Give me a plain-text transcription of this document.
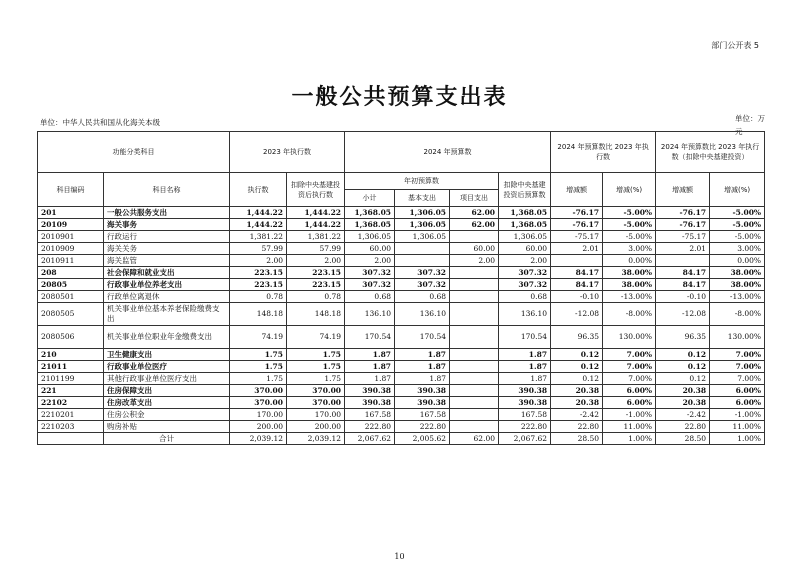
部门公开表 5
一般公共预算支出表
单位：中华人民共和国从化海关本级	单位：万元
功能分类科目		2023 年执行数		2024 年预算数				2024 年预算数比 2023 年执行数		2024 年预算数比 2023 年执行数（扣除中央基建投资）	
科目编码	科目名称	执行数	扣除中央基建投资后执行数	年初预算数			扣除中央基建投资后预算数	增减额	增减(%)	增减额	增减(%)
				小计	基本支出	项目支出					
201	一般公共服务支出	1,444.22	1,444.22	1,368.05	1,306.05	62.00	1,368.05	-76.17	-5.00%	-76.17	-5.00%
20109	海关事务	1,444.22	1,444.22	1,368.05	1,306.05	62.00	1,368.05	-76.17	-5.00%	-76.17	-5.00%
2010901	行政运行	1,381.22	1,381.22	1,306.05	1,306.05		1,306.05	-75.17	-5.00%	-75.17	-5.00%
2010909	海关关务	57.99	57.99	60.00		60.00	60.00	2.01	3.00%	2.01	3.00%
2010911	海关监管	2.00	2.00	2.00		2.00	2.00		0.00%		0.00%
208	社会保障和就业支出	223.15	223.15	307.32	307.32		307.32	84.17	38.00%	84.17	38.00%
20805	行政事业单位养老支出	223.15	223.15	307.32	307.32		307.32	84.17	38.00%	84.17	38.00%
2080501	行政单位离退休	0.78	0.78	0.68	0.68		0.68	-0.10	-13.00%	-0.10	-13.00%
2080505	机关事业单位基本养老保险缴费支出	148.18	148.18	136.10	136.10		136.10	-12.08	-8.00%	-12.08	-8.00%
2080506	机关事业单位职业年金缴费支出	74.19	74.19	170.54	170.54		170.54	96.35	130.00%	96.35	130.00%
210	卫生健康支出	1.75	1.75	1.87	1.87		1.87	0.12	7.00%	0.12	7.00%
21011	行政事业单位医疗	1.75	1.75	1.87	1.87		1.87	0.12	7.00%	0.12	7.00%
2101199	其他行政事业单位医疗支出	1.75	1.75	1.87	1.87		1.87	0.12	7.00%	0.12	7.00%
221	住房保障支出	370.00	370.00	390.38	390.38		390.38	20.38	6.00%	20.38	6.00%
22102	住房改革支出	370.00	370.00	390.38	390.38		390.38	20.38	6.00%	20.38	6.00%
2210201	住房公积金	170.00	170.00	167.58	167.58		167.58	-2.42	-1.00%	-2.42	-1.00%
2210203	购房补贴	200.00	200.00	222.80	222.80		222.80	22.80	11.00%	22.80	11.00%
	合计	2,039.12	2,039.12	2,067.62	2,005.62	62.00	2,067.62	28.50	1.00%	28.50	1.00%
10
